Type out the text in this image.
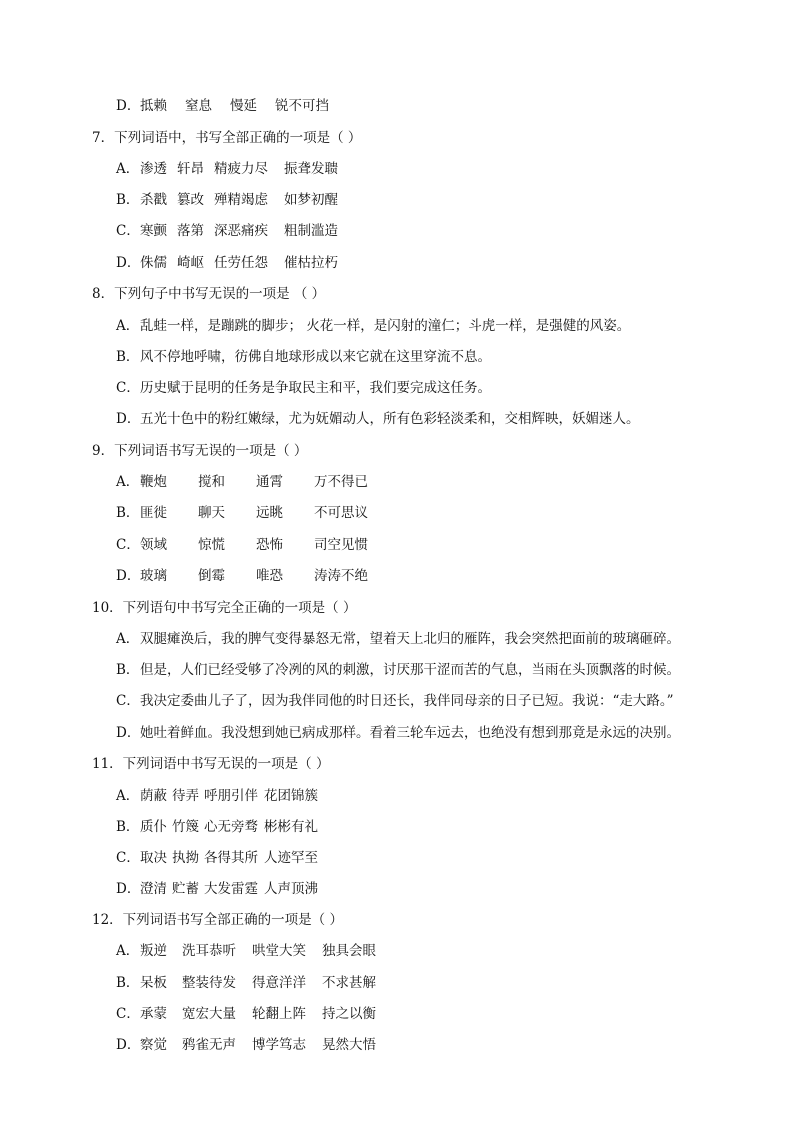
D．抵赖 窒息 慢延 锐不可挡
7．下列词语中，书写全部正确的一项是（ ）
A．渗透 轩昂 精疲力尽 振聋发聩
B．杀戳 篡改 殚精竭虑 如梦初醒
C．寒颤 落第 深恶痛疾 粗制滥造
D．侏儒 崎岖 任劳任怨 催枯拉朽
8．下列句子中书写无误的一项是 （ ）
A．乱蛙一样，是蹦跳的脚步； 火花一样，是闪射的潼仁；斗虎一样，是强健的风姿。
B．风不停地呼啸，彷佛自地球形成以来它就在这里穿流不息。
C．历史赋于昆明的任务是争取民主和平，我们要完成这任务。
D．五光十色中的粉红嫩绿，尤为妩媚动人，所有色彩轻淡柔和，交相辉映，妖媚迷人。
9．下列词语书写无误的一项是（ ）
A．鞭炮 搅和 通霄 万不得已
B．匪徙 聊天 远眺 不可思议
C．领域 惊慌 恐怖 司空见惯
D．玻璃 倒霉 唯恐 涛涛不绝
10．下列语句中书写完全正确的一项是（ ）
A．双腿瘫涣后，我的脾气变得暴怒无常，望着天上北归的雁阵，我会突然把面前的玻璃砸碎。
B．但是，人们已经受够了冷冽的风的刺激，讨厌那干涩而苦的气息，当雨在头顶飘落的时候。
C．我决定委曲儿子了，因为我伴同他的时日还长，我伴同母亲的日子已短。我说：“走大路。”
D．她吐着鲜血。我没想到她已病成那样。看着三轮车远去，也绝没有想到那竟是永远的决别。
11．下列词语中书写无误的一项是（ ）
A．荫蔽 待弄 呼朋引伴 花团锦簇
B．质仆 竹篾 心无旁骛 彬彬有礼
C．取决 执拗 各得其所 人迹罕至
D．澄清 贮蓄 大发雷霆 人声顶沸
12．下列词语书写全部正确的一项是（ ）
A．叛逆 洗耳恭听 哄堂大笑 独具会眼
B．呆板 整装待发 得意洋洋 不求甚解
C．承蒙 宽宏大量 轮翻上阵 持之以衡
D．察觉 鸦雀无声 博学笃志 晃然大悟
